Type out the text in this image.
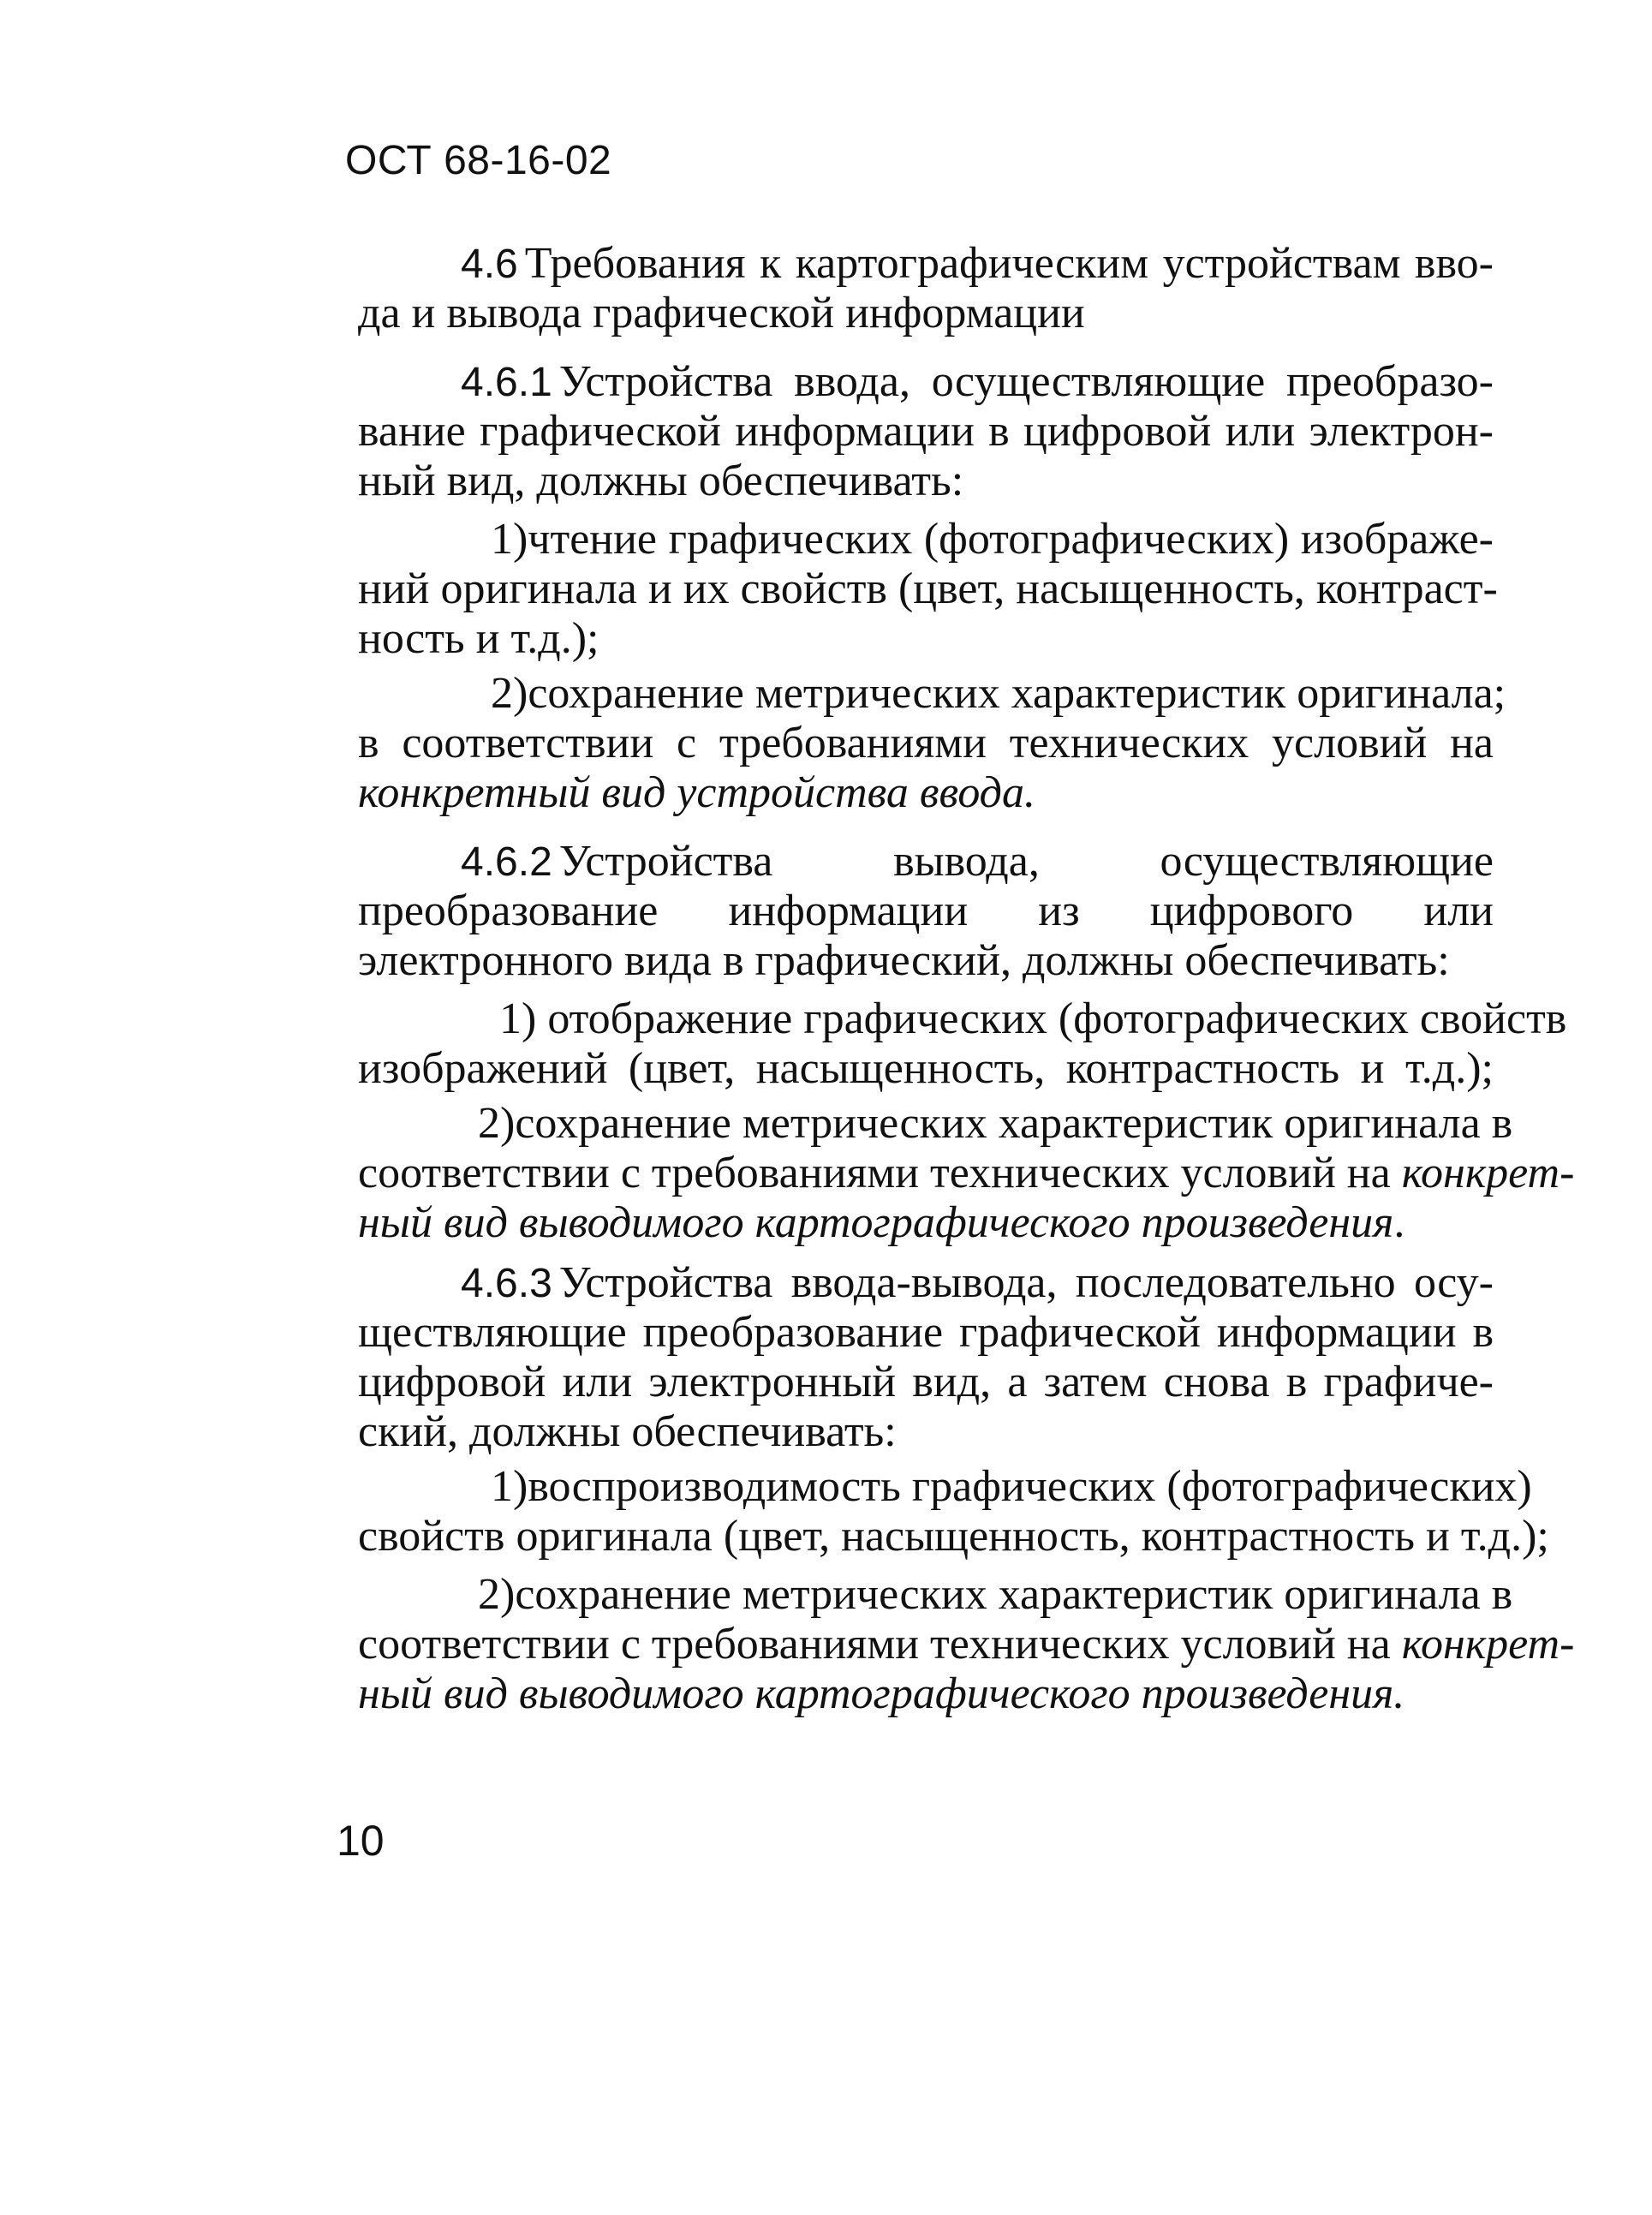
ОСТ 68-16-02
4.6 Требования к картографическим устройствам вво-
да и вывода графической информации
4.6.1 Устройства ввода, осуществляющие преобразо-
вание графической информации в цифровой или электрон-
ный вид, должны обеспечивать:
1)чтение графических (фотографических) изображе-
ний оригинала и их свойств (цвет, насыщенность, контраст-
ность и т.д.);
2)сохранение метрических характеристик оригинала;
в соответствии с требованиями технических условий на
конкретный вид устройства ввода.
4.6.2 Устройства вывода, осуществляющие
преобразование информации из цифрового или
электронного вида в графический, должны обеспечивать:
1) отображение графических (фотографических свойств
изображений (цвет, насыщенность, контрастность и т.д.);
2)сохранение метрических характеристик оригинала в
соответствии с требованиями технических условий на конкрет-
ный вид выводимого картографического произведения.
4.6.3 Устройства ввода-вывода, последовательно осу-
ществляющие преобразование графической информации в
цифровой или электронный вид, а затем снова в графиче-
ский, должны обеспечивать:
1)воспроизводимость графических (фотографических)
свойств оригинала (цвет, насыщенность, контрастность и т.д.);
2)сохранение метрических характеристик оригинала в
соответствии с требованиями технических условий на конкрет-
ный вид выводимого картографического произведения.
10
